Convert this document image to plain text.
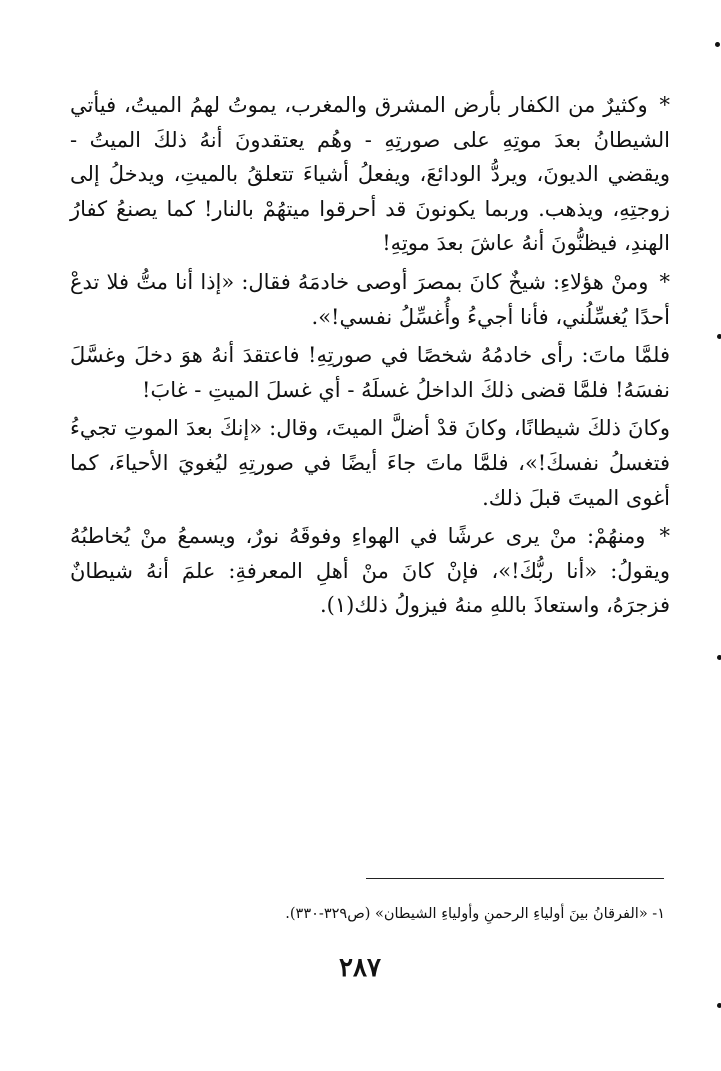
* وكثيرٌ من الكفار بأرض المشرق والمغرب، يموتُ لهمُ الميتُ، فيأتي الشيطانُ بعدَ موتِهِ على صورتِهِ - وهُم يعتقدونَ أنهُ ذلكَ الميتُ - ويقضي الديونَ، ويردُّ الودائعَ، ويفعلُ أشياءَ تتعلقُ بالميتِ، ويدخلُ إلى زوجتِهِ، ويذهب. وربما يكونونَ قد أحرقوا ميتهُمْ بالنار! كما يصنعُ كفارُ الهندِ، فيظنُّونَ أنهُ عاشَ بعدَ موتِهِ!

* ومنْ هؤلاءِ: شيخٌ كانَ بمصرَ أوصى خادمَهُ فقال: «إذا أنا متُّ فلا تدعْ أحدًا يُغسِّلُني، فأنا أجيءُ وأُغسِّلُ نفسي!».

فلمَّا ماتَ: رأى خادمُهُ شخصًا في صورتِهِ! فاعتقدَ أنهُ هوَ دخلَ وغسَّلَ نفسَهُ! فلمَّا قضى ذلكَ الداخلُ غسلَهُ - أي غسلَ الميتِ - غابَ!

وكانَ ذلكَ شيطانًا، وكانَ قدْ أضلَّ الميتَ، وقال: «إنكَ بعدَ الموتِ تجيءُ فتغسلُ نفسكَ!»، فلمَّا ماتَ جاءَ أيضًا في صورتِهِ ليُغويَ الأحياءَ، كما أغوى الميتَ قبلَ ذلك.

* ومنهُمْ: منْ يرى عرشًا في الهواءِ وفوقَهُ نورٌ، ويسمعُ منْ يُخاطبُهُ ويقولُ: «أنا ربُّكَ!»، فإنْ كانَ منْ أهلِ المعرفةِ: علمَ أنهُ شيطانٌ فزجرَهُ، واستعاذَ باللهِ منهُ فيزولُ ذلك(١).

١- «الفرقانُ بينَ أولياءِ الرحمنِ وأولياءِ الشيطان» (ص٣٢٩-٣٣٠).
٢٨٧
